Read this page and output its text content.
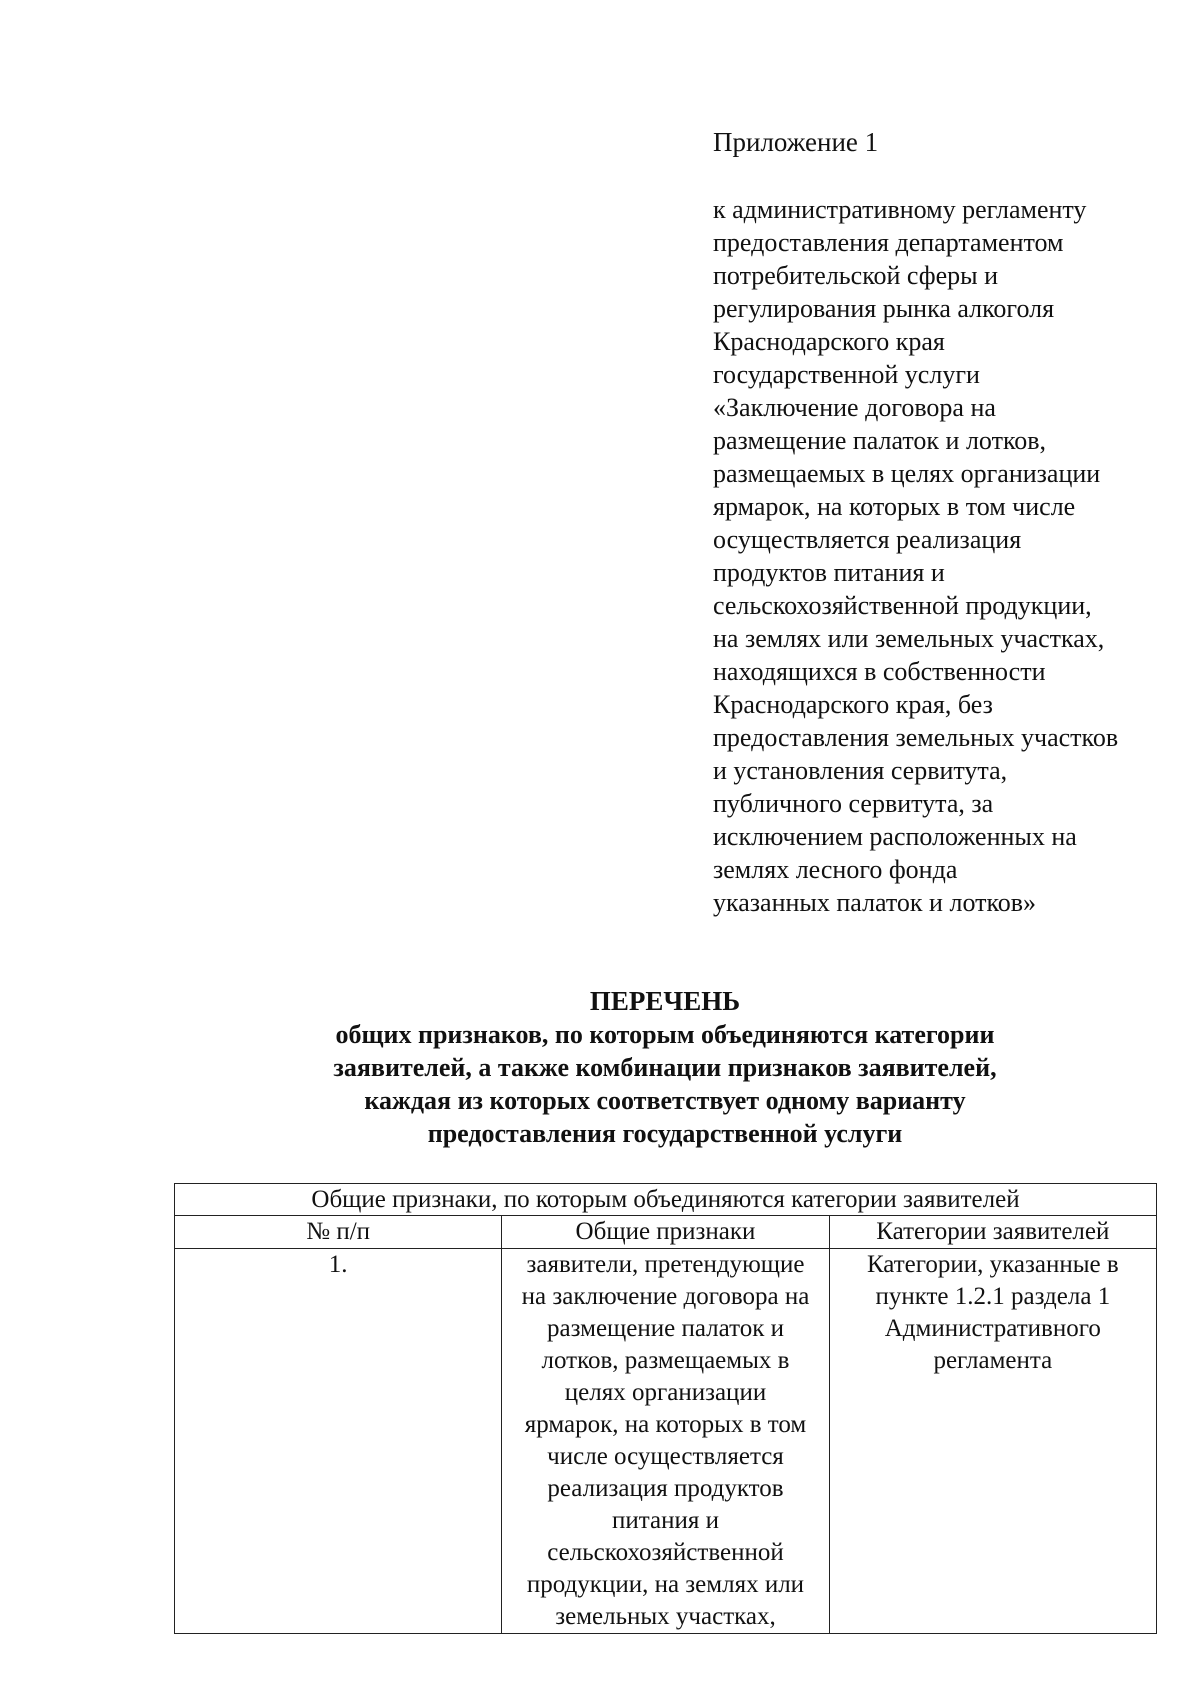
Приложение 1
к административному регламенту
предоставления департаментом
потребительской сферы и
регулирования рынка алкоголя
Краснодарского края
государственной услуги
«Заключение договора на
размещение палаток и лотков,
размещаемых в целях организации
ярмарок, на которых в том числе
осуществляется реализация
продуктов питания и
сельскохозяйственной продукции,
на землях или земельных участках,
находящихся в собственности
Краснодарского края, без
предоставления земельных участков
и установления сервитута,
публичного сервитута, за
исключением расположенных на
землях лесного фонда
указанных палаток и лотков»
ПЕРЕЧЕНЬ
общих признаков, по которым объединяются категории
заявителей, а также комбинации признаков заявителей,
каждая из которых соответствует одному варианту
предоставления государственной услуги
Общие признаки, по которым объединяются категории заявителей		
№ п/п	Общие признаки	Категории заявителей
1.	заявители, претендующие на заключение договора на размещение палаток и лотков, размещаемых в целях организации ярмарок, на которых в том числе осуществляется реализация продуктов питания и сельскохозяйственной продукции, на землях или земельных участках,	Категории, указанные в пункте 1.2.1 раздела 1 Административного регламента
